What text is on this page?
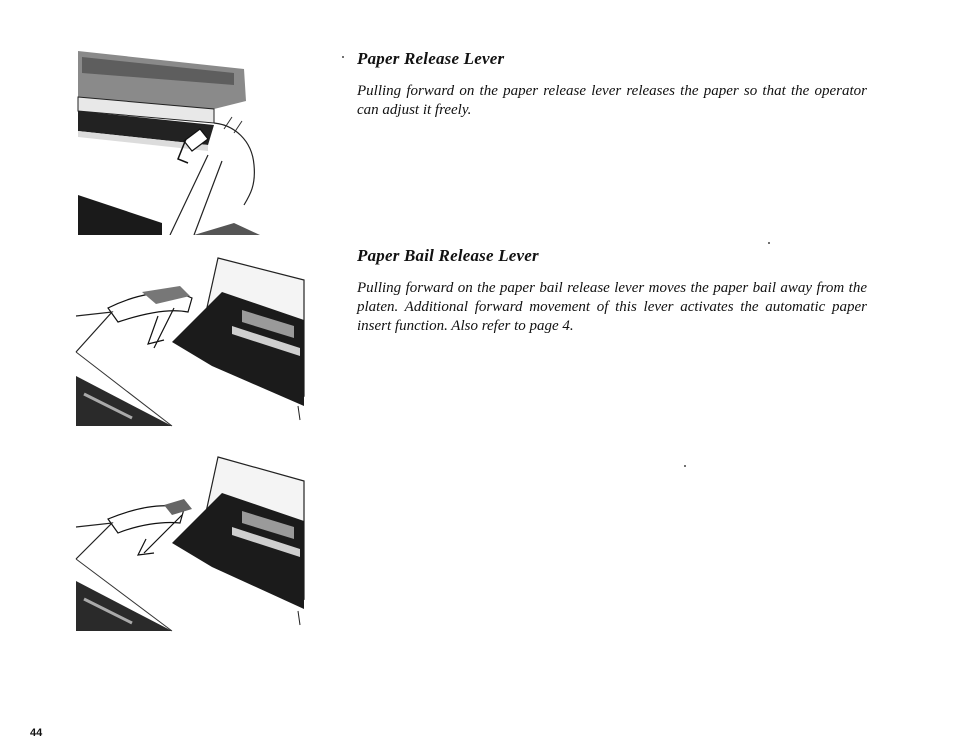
Paper Release Lever

Pulling forward on the paper release lever releases the paper so that the operator can adjust it freely.

Paper Bail Release Lever

Pulling forward on the paper bail release lever moves the paper bail away from the platen. Additional forward movement of this lever activates the automatic paper insert function. Also refer to page 4.

44
